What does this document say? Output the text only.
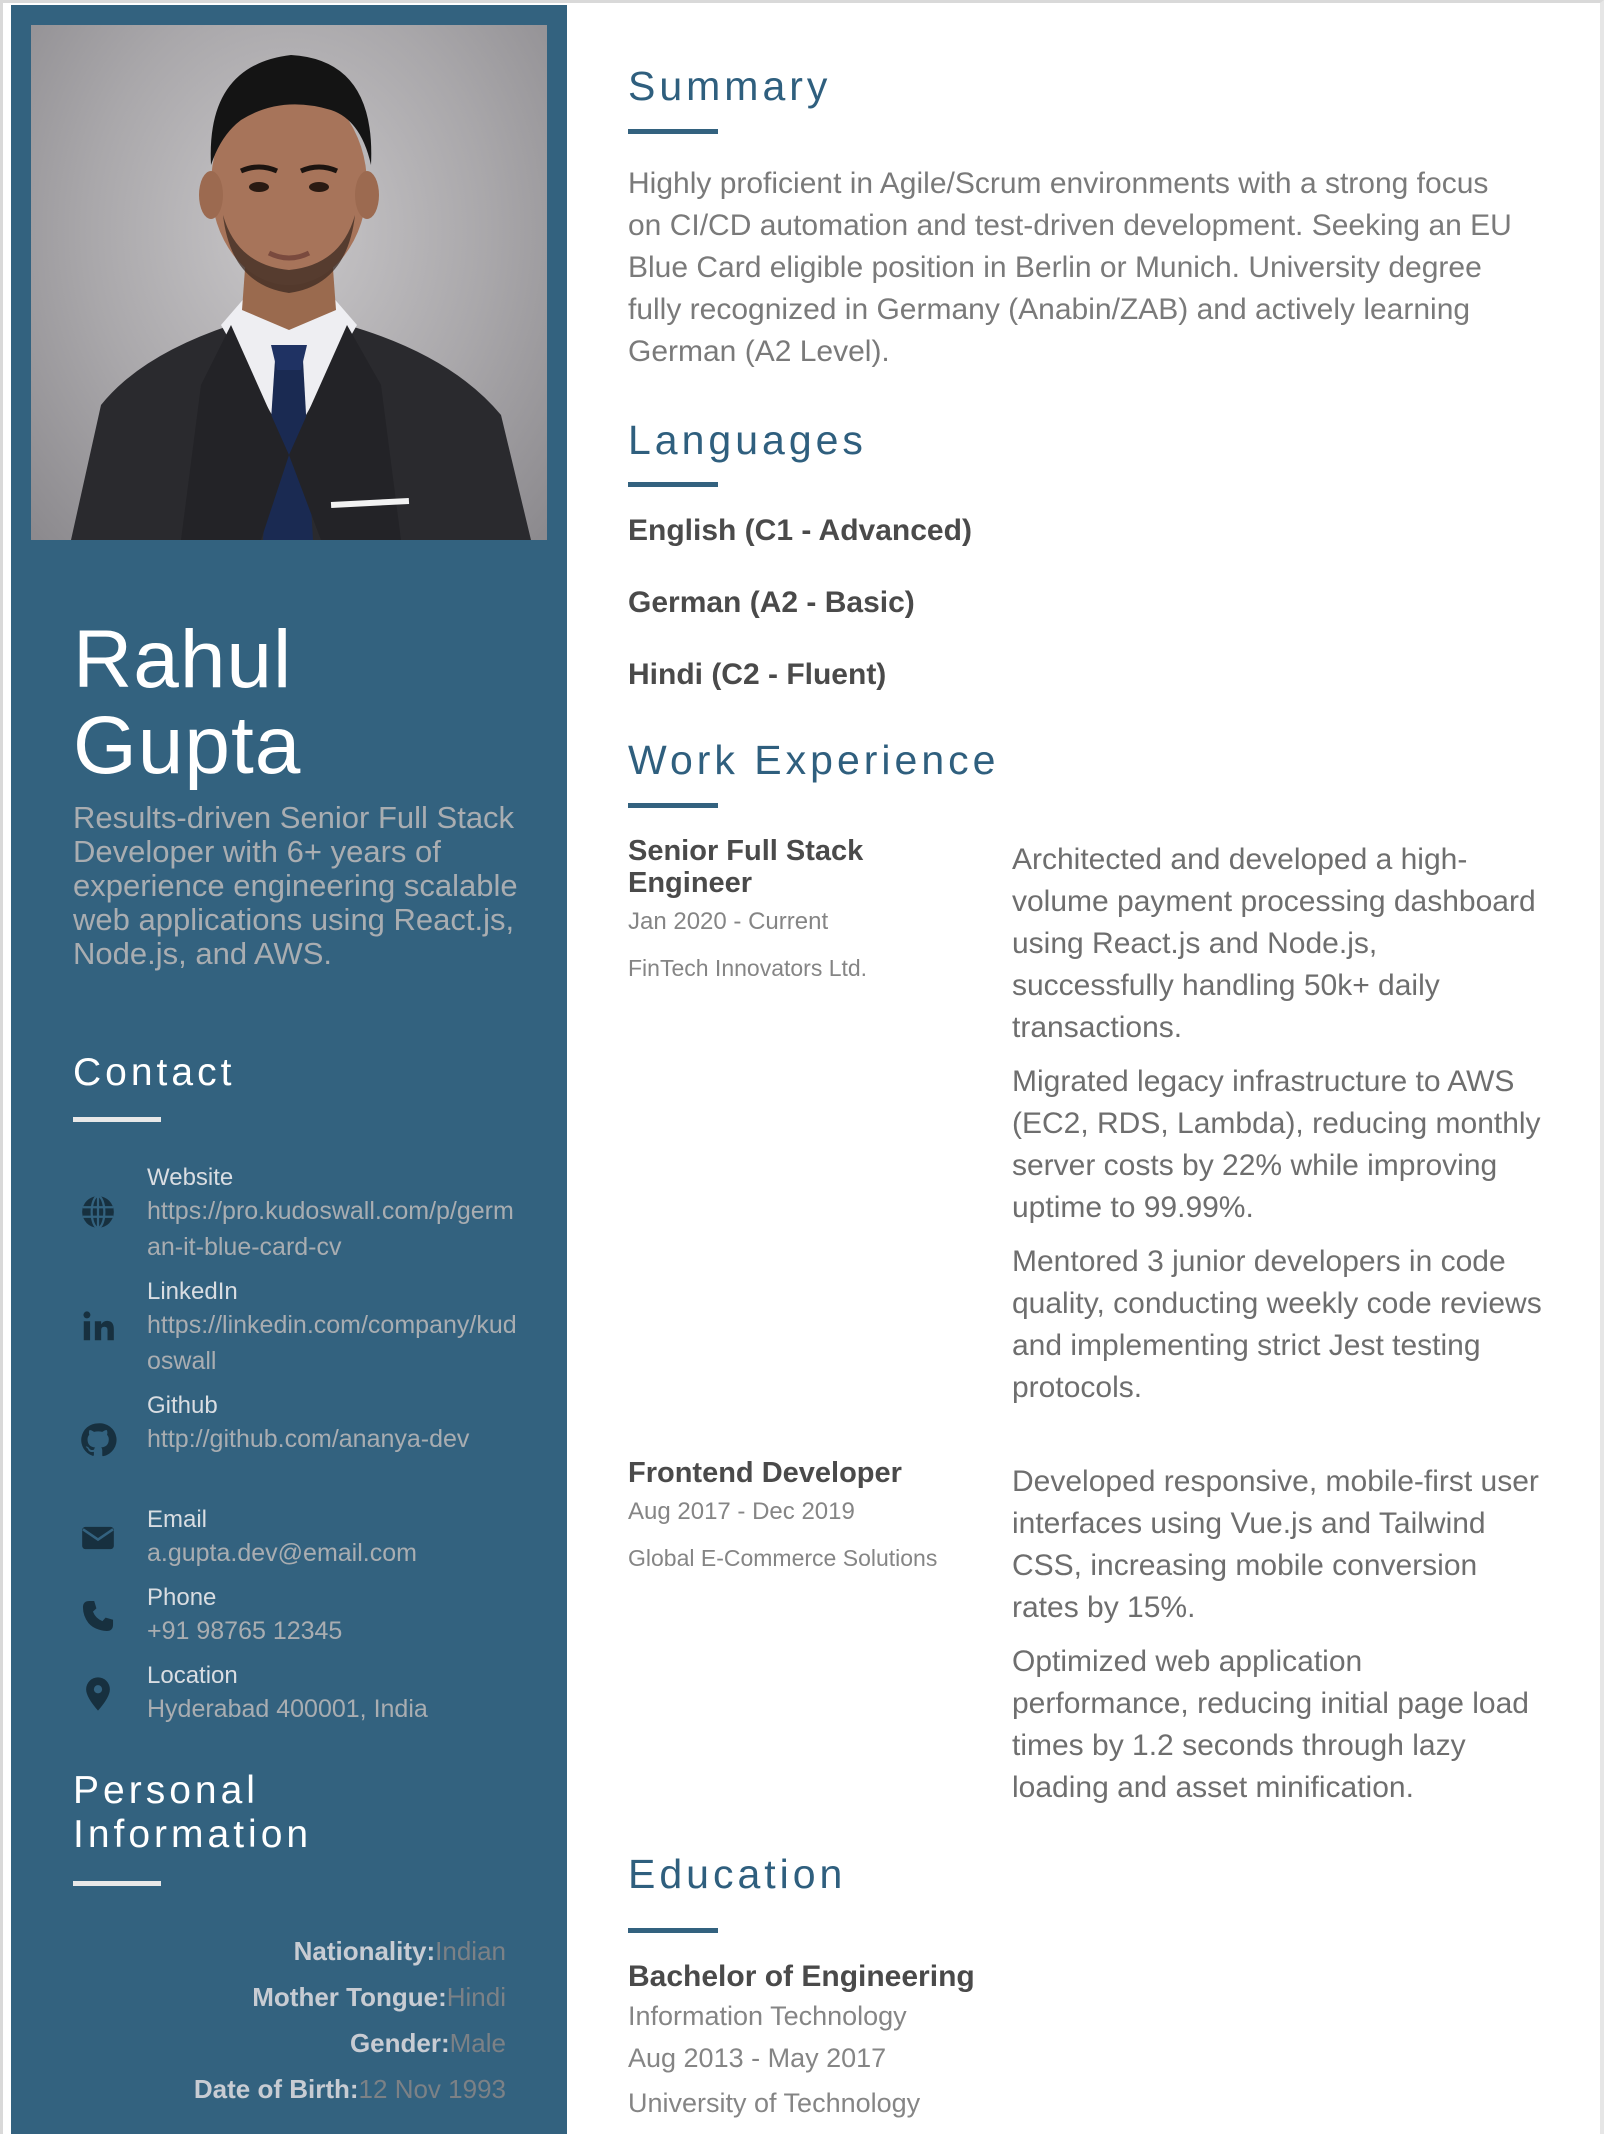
Rahul
Gupta
Results-driven Senior Full Stack Developer with 6+ years of experience engineering scalable web applications using React.js, Node.js, and AWS.
Contact
Website
https://pro.kudoswall.com/p/german-it-blue-card-cv
LinkedIn
https://linkedin.com/company/kudoswall
Github
http://github.com/ananya-dev
Email
a.gupta.dev@email.com
Phone
+91 98765 12345
Location
Hyderabad 400001, India
Personal
Information
Nationality:Indian
Mother Tongue:Hindi
Gender:Male
Date of Birth:12 Nov 1993
Summary

Highly proficient in Agile/Scrum environments with a strong focus on CI/CD automation and test-driven development. Seeking an EU Blue Card eligible position in Berlin or Munich. University degree fully recognized in Germany (Anabin/ZAB) and actively learning German (A2 Level).

Languages
English (C1 - Advanced)
German (A2 - Basic)
Hindi (C2 - Fluent)
Work Experience
Senior Full Stack Engineer
Jan 2020 - Current
FinTech Innovators Ltd.

Architected and developed a high-volume payment processing dashboard using React.js and Node.js, successfully handling 50k+ daily transactions.

Migrated legacy infrastructure to AWS (EC2, RDS, Lambda), reducing monthly server costs by 22% while improving uptime to 99.99%.

Mentored 3 junior developers in code quality, conducting weekly code reviews and implementing strict Jest testing protocols.

Frontend Developer
Aug 2017 - Dec 2019
Global E-Commerce Solutions

Developed responsive, mobile-first user interfaces using Vue.js and Tailwind CSS, increasing mobile conversion rates by 15%.

Optimized web application performance, reducing initial page load times by 1.2 seconds through lazy loading and asset minification.

Education
Bachelor of Engineering
Information Technology
Aug 2013 - May 2017
University of Technology
